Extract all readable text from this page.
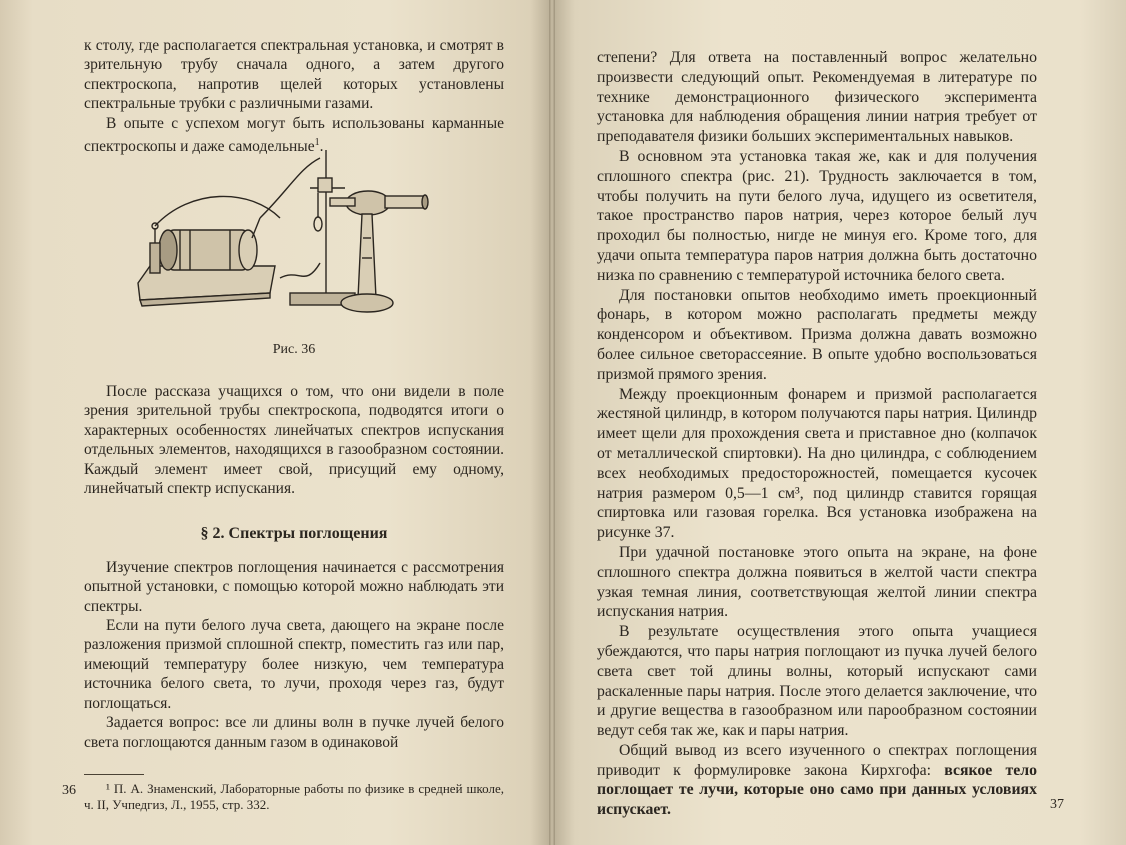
к столу, где располагается спектральная установка, и смотрят в зрительную трубу сначала одного, а затем другого спектроскопа, напротив щелей которых установлены спектральные трубки с различными газами.

В опыте с успехом могут быть использованы карманные спектроскопы и даже самодельные$^1$.

Рис. 36

После рассказа учащихся о том, что они видели в поле зрения зрительной трубы спектроскопа, подводятся итоги о характерных особенностях линейчатых спектров испускания отдельных элементов, находящихся в газообразном состоянии. Каждый элемент имеет свой, присущий ему одному, линейчатый спектр испускания.

§ 2. Спектры поглощения

Изучение спектров поглощения начинается с рассмотрения опытной установки, с помощью которой можно наблюдать эти спектры.

Если на пути белого луча света, дающего на экране после разложения призмой сплошной спектр, поместить газ или пар, имеющий температуру более низкую, чем температура источника белого света, то лучи, проходя через газ, будут поглощаться.

Задается вопрос: все ли длины волн в пучке лучей белого света поглощаются данным газом в одинаковой

¹ П. А. Знаменский, Лабораторные работы по физике в средней школе, ч. II, Учпедгиз, Л., 1955, стр. 332.

36

степени? Для ответа на поставленный вопрос желательно произвести следующий опыт. Рекомендуемая в литературе по технике демонстрационного физического эксперимента установка для наблюдения обращения линии натрия требует от преподавателя физики больших экспериментальных навыков.

В основном эта установка такая же, как и для получения сплошного спектра (рис. 21). Трудность заключается в том, чтобы получить на пути белого луча, идущего из осветителя, такое пространство паров натрия, через которое белый луч проходил бы полностью, нигде не минуя его. Кроме того, для удачи опыта температура паров натрия должна быть достаточно низка по сравнению с температурой источника белого света.

Для постановки опытов необходимо иметь проекционный фонарь, в котором можно располагать предметы между конденсором и объективом. Призма должна давать возможно более сильное светорассеяние. В опыте удобно воспользоваться призмой прямого зрения.

Между проекционным фонарем и призмой располагается жестяной цилиндр, в котором получаются пары натрия. Цилиндр имеет щели для прохождения света и приставное дно (колпачок от металлической спиртовки). На дно цилиндра, с соблюдением всех необходимых предосторожностей, помещается кусочек натрия размером 0,5—1 см³, под цилиндр ставится горящая спиртовка или газовая горелка. Вся установка изображена на рисунке 37.

При удачной постановке этого опыта на экране, на фоне сплошного спектра должна появиться в желтой части спектра узкая темная линия, соответствующая желтой линии спектра испускания натрия.

В результате осуществления этого опыта учащиеся убеждаются, что пары натрия поглощают из пучка лучей белого света свет той длины волны, который испускают сами раскаленные пары натрия. После этого делается заключение, что и другие вещества в газообразном или парообразном состоянии ведут себя так же, как и пары натрия.

Общий вывод из всего изученного о спектрах поглощения приводит к формулировке закона Кирхгофа: всякое тело поглощает те лучи, которые оно само при данных условиях испускает.	37
